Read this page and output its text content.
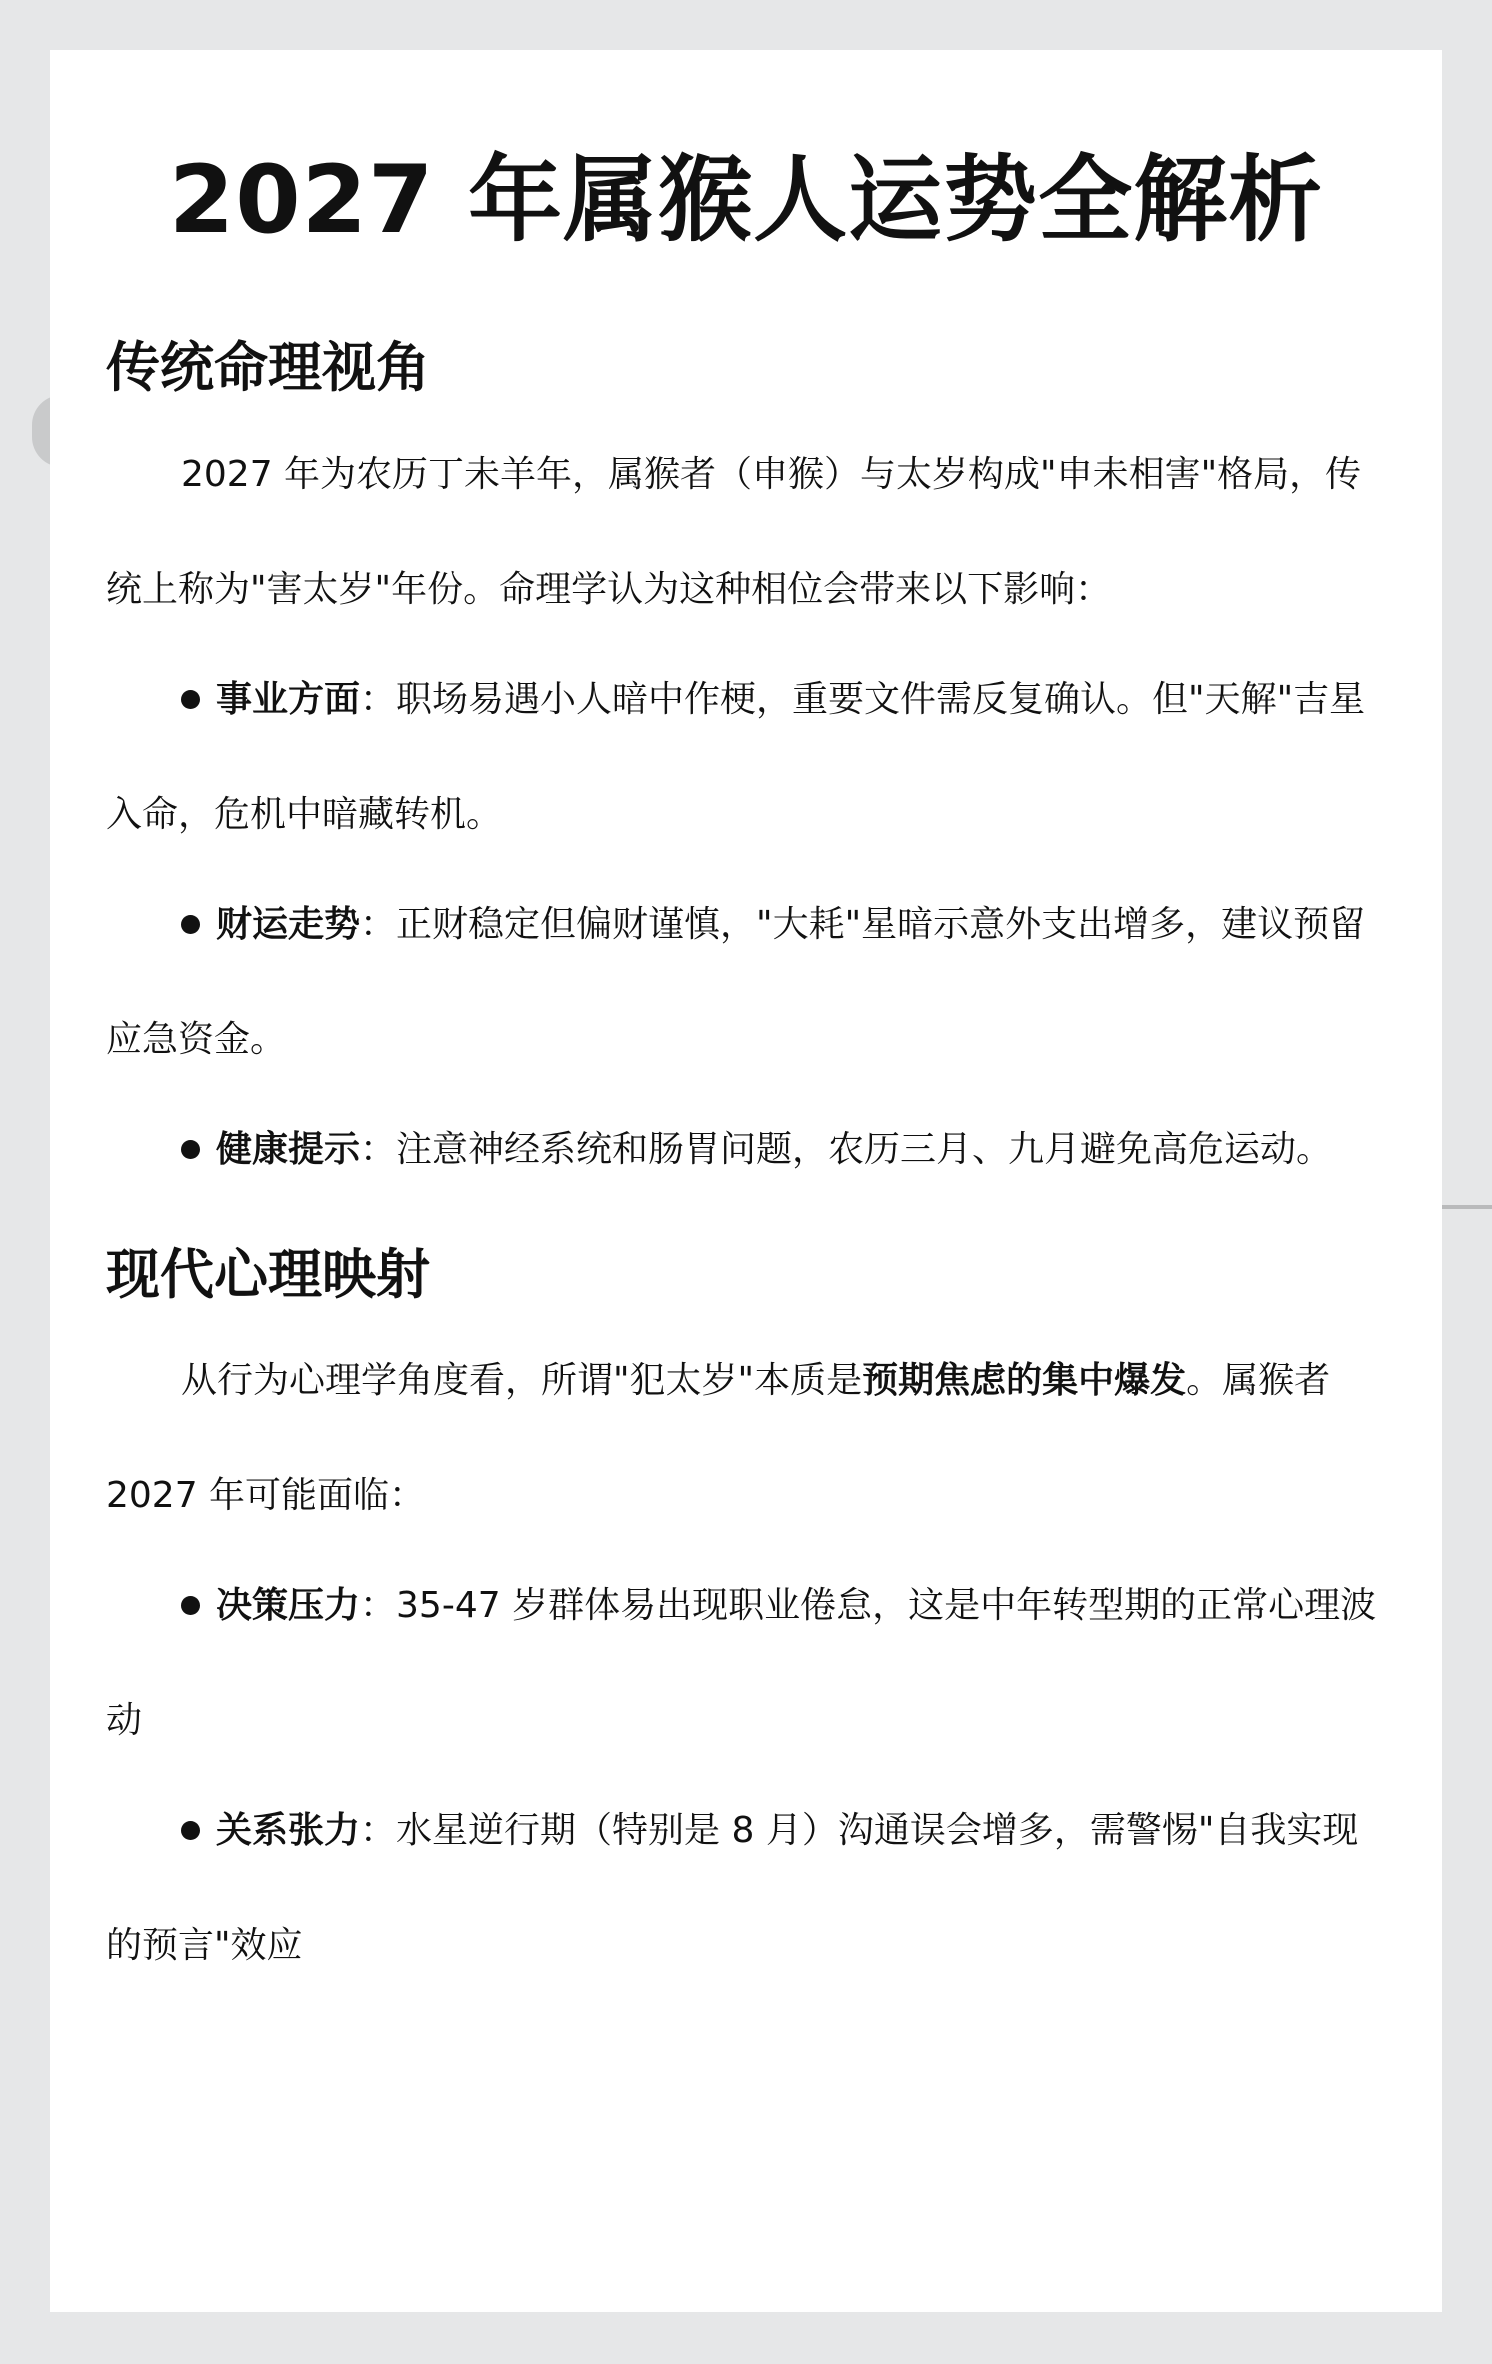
2027 年属猴人运势全解析
传统命理视角

2027 年为农历丁未羊年，属猴者（申猴）与太岁构成"申未相害"格局，传统上称为"害太岁"年份。命理学认为这种相位会带来以下影响：

事业方面：职场易遇小人暗中作梗，重要文件需反复确认。但"天解"吉星入命，危机中暗藏转机。

财运走势：正财稳定但偏财谨慎，"大耗"星暗示意外支出增多，建议预留应急资金。

健康提示：注意神经系统和肠胃问题，农历三月、九月避免高危运动。

现代心理映射

从行为心理学角度看，所谓"犯太岁"本质是预期焦虑的集中爆发。属猴者 2027 年可能面临：

决策压力：35-47 岁群体易出现职业倦怠，这是中年转型期的正常心理波动

关系张力：水星逆行期（特别是 8 月）沟通误会增多，需警惕"自我实现的预言"效应
